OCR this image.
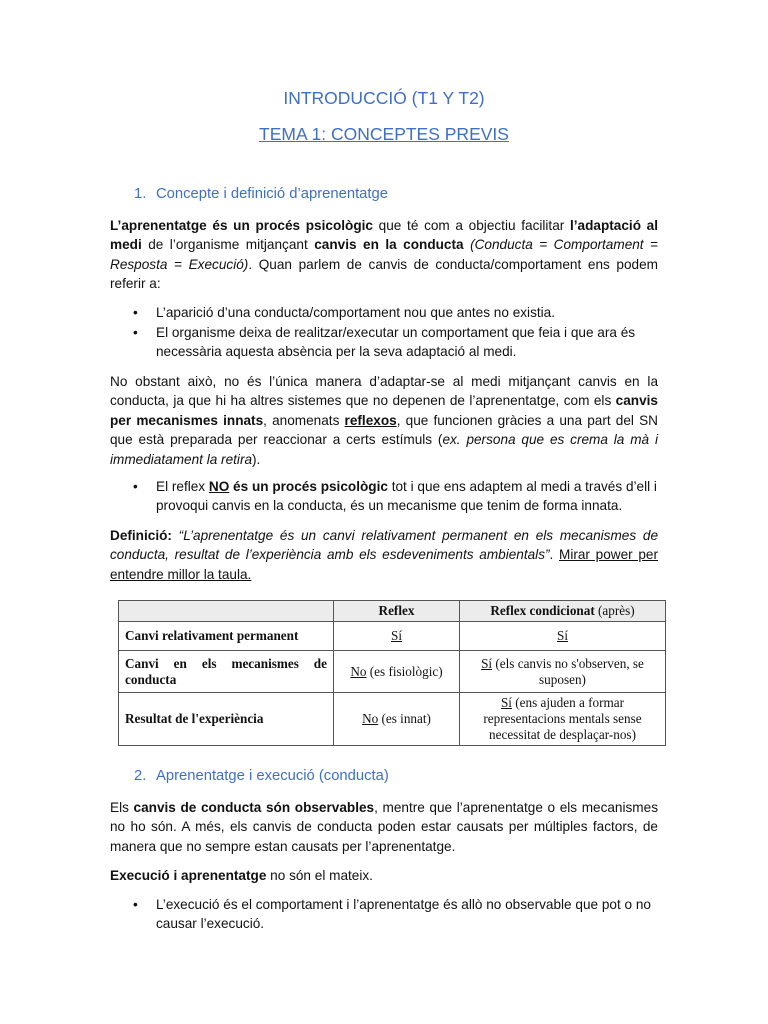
INTRODUCCIÓ (T1 Y T2)
TEMA 1: CONCEPTES PREVIS
1. Concepte i definició d’aprenentatge
L’aprenentatge és un procés psicològic que té com a objectiu facilitar l’adaptació al medi de l’organisme mitjançant canvis en la conducta (Conducta = Comportament = Resposta = Execució). Quan parlem de canvis de conducta/comportament ens podem referir a:
•	L’aparició d’una conducta/comportament nou que antes no existia.
•	El organisme deixa de realitzar/executar un comportament que feia i que ara és necessària aquesta absència per la seva adaptació al medi.
No obstant això, no és l’única manera d’adaptar-se al medi mitjançant canvis en la conducta, ja que hi ha altres sistemes que no depenen de l’aprenentatge, com els canvis per mecanismes innats, anomenats reflexos, que funcionen gràcies a una part del SN que està preparada per reaccionar a certs estímuls (ex. persona que es crema la mà i immediatament la retira).
•	El reflex NO és un procés psicològic tot i que ens adaptem al medi a través d’ell i provoqui canvis en la conducta, és un mecanisme que tenim de forma innata.
Definició: “L’aprenentatge és un canvi relativament permanent en els mecanismes de conducta, resultat de l’experiència amb els esdeveniments ambientals”. Mirar power per entendre millor la taula.
	Reflex	Reflex condicionat (après)
Canvi relativament permanent	Sí	Sí

Canvi en els mecanismes de
conducta	No (es fisiològic)	Sí (els canvis no s'observen, se suposen)
Resultat de l'experiència	No (es innat)	Sí (ens ajuden a formar representacions mentals sense necessitat de desplaçar-nos)
2. Aprenentatge i execució (conducta)
Els canvis de conducta són observables, mentre que l’aprenentatge o els mecanismes no ho són. A més, els canvis de conducta poden estar causats per múltiples factors, de manera que no sempre estan causats per l’aprenentatge.
Execució i aprenentatge no són el mateix.
•	L’execució és el comportament i l’aprenentatge és allò no observable que pot o no causar l’execució.
